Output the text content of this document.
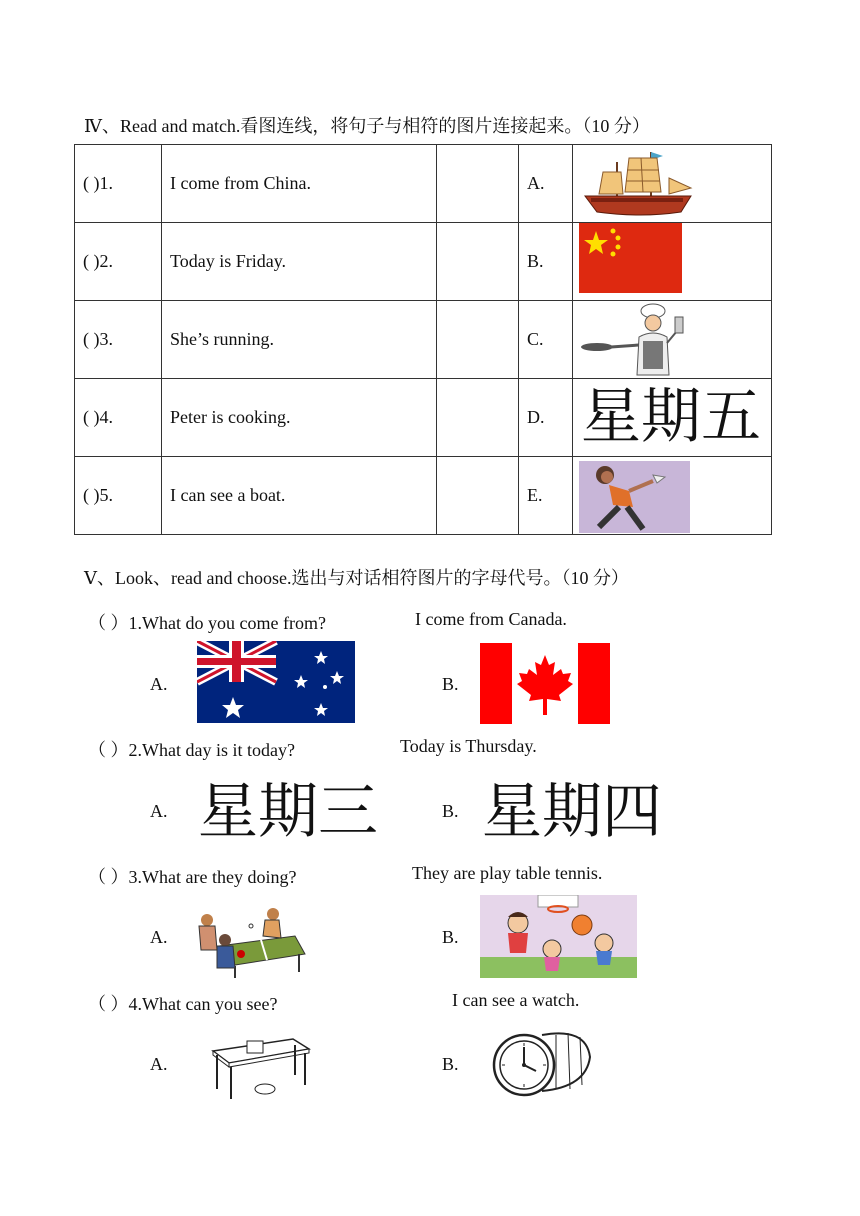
Ⅳ、Read and match.看图连线，将句子与相符的图片连接起来。（10 分）
( )1.	I come from China.		A.	

( )2.	Today is Friday.		B.	

( )3.	She’s running.		C.	

( )4.	Peter is cooking.		D.	星期五

( )5.	I can see a boat.		E.	
Ⅴ、Look、read and choose.选出与对话相符图片的字母代号。（10 分）
（ ）1.What do you come from?	I come from Canada.
A.	B.
（ ）2.What day is it today?	Today is Thursday.
A. 星期三	B. 星期四
（ ）3.What are they doing?	They are play table tennis.
A.	B.
（ ）4.What can you see?	I can see a watch.
A.	B.
